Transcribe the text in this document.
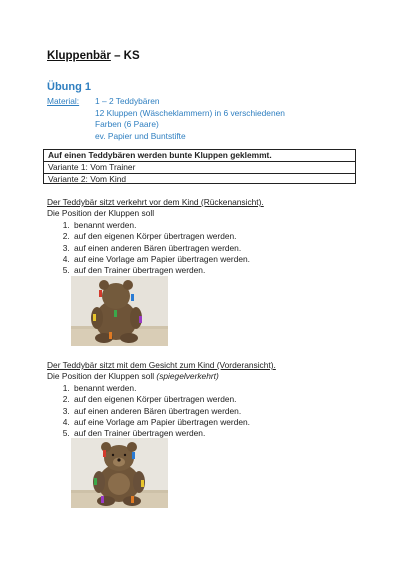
Kluppenbär – KS
Übung 1
Material: 1 – 2 Teddybären
12 Kluppen (Wäscheklammern) in 6 verschiedenen
Farben (6 Paare)
ev. Papier und Buntstifte
Auf einen Teddybären werden bunte Kluppen geklemmt.
Variante 1: Vom Trainer
Variante 2: Vom Kind
Der Teddybär sitzt verkehrt vor dem Kind (Rückenansicht).
Die Position der Kluppen soll
1. benannt werden.
2. auf den eigenen Körper übertragen werden.
3. auf einen anderen Bären übertragen werden.
4. auf eine Vorlage am Papier übertragen werden.
5. auf den Trainer übertragen werden.
Der Teddybär sitzt mit dem Gesicht zum Kind (Vorderansicht).
Die Position der Kluppen soll (spiegelverkehrt)
1. benannt werden.
2. auf den eigenen Körper übertragen werden.
3. auf einen anderen Bären übertragen werden.
4. auf eine Vorlage am Papier übertragen werden.
5. auf den Trainer übertragen werden.
